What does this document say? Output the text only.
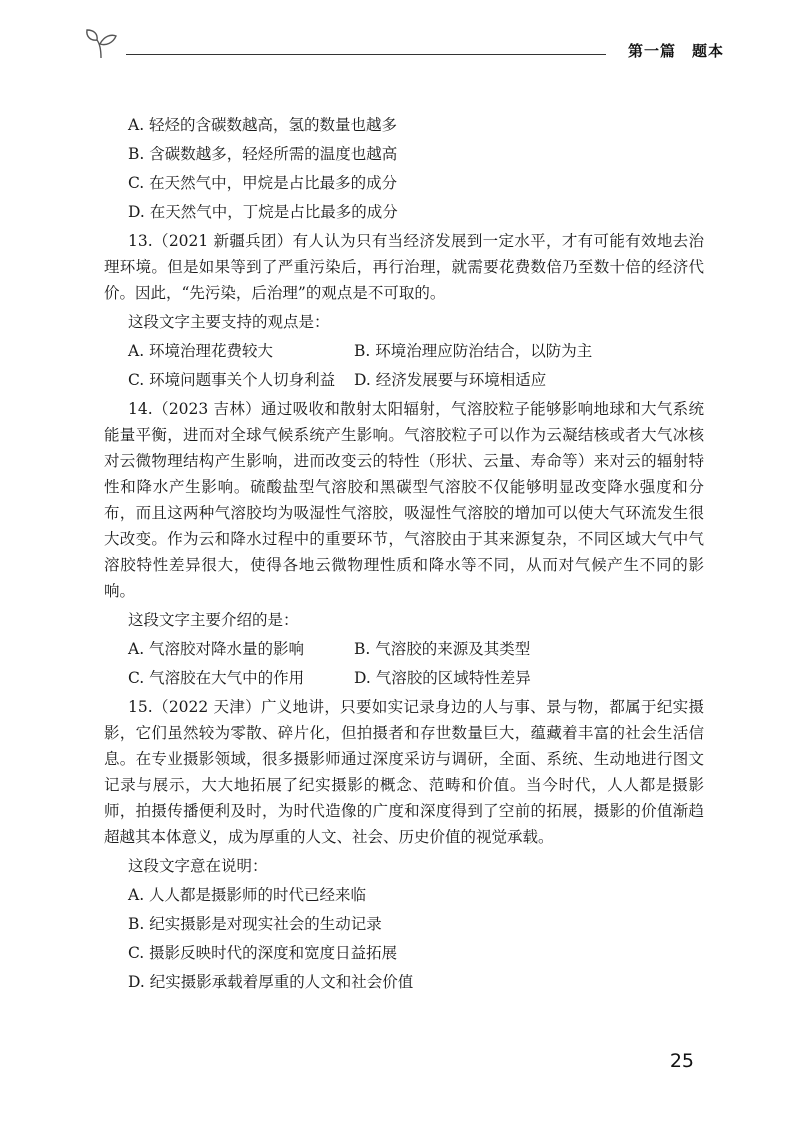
第一篇　题本
A. 轻烃的含碳数越高，氢的数量也越多
B. 含碳数越多，轻烃所需的温度也越高
C. 在天然气中，甲烷是占比最多的成分
D. 在天然气中，丁烷是占比最多的成分
13.（2021 新疆兵团）有人认为只有当经济发展到一定水平，才有可能有效地去治理环境。但是如果等到了严重污染后，再行治理，就需要花费数倍乃至数十倍的经济代价。因此，“先污染，后治理”的观点是不可取的。
这段文字主要支持的观点是：
A. 环境治理花费较大	B. 环境治理应防治结合，以防为主
C. 环境问题事关个人切身利益	D. 经济发展要与环境相适应
14.（2023 吉林）通过吸收和散射太阳辐射，气溶胶粒子能够影响地球和大气系统能量平衡，进而对全球气候系统产生影响。气溶胶粒子可以作为云凝结核或者大气冰核对云微物理结构产生影响，进而改变云的特性（形状、云量、寿命等）来对云的辐射特性和降水产生影响。硫酸盐型气溶胶和黑碳型气溶胶不仅能够明显改变降水强度和分布，而且这两种气溶胶均为吸湿性气溶胶，吸湿性气溶胶的增加可以使大气环流发生很大改变。作为云和降水过程中的重要环节，气溶胶由于其来源复杂，不同区域大气中气溶胶特性差异很大，使得各地云微物理性质和降水等不同，从而对气候产生不同的影响。
这段文字主要介绍的是：
A. 气溶胶对降水量的影响	B. 气溶胶的来源及其类型
C. 气溶胶在大气中的作用	D. 气溶胶的区域特性差异
15.（2022 天津）广义地讲，只要如实记录身边的人与事、景与物，都属于纪实摄影，它们虽然较为零散、碎片化，但拍摄者和存世数量巨大，蕴藏着丰富的社会生活信息。在专业摄影领域，很多摄影师通过深度采访与调研，全面、系统、生动地进行图文记录与展示，大大地拓展了纪实摄影的概念、范畴和价值。当今时代，人人都是摄影师，拍摄传播便利及时，为时代造像的广度和深度得到了空前的拓展，摄影的价值渐趋超越其本体意义，成为厚重的人文、社会、历史价值的视觉承载。
这段文字意在说明：
A. 人人都是摄影师的时代已经来临
B. 纪实摄影是对现实社会的生动记录
C. 摄影反映时代的深度和宽度日益拓展
D. 纪实摄影承载着厚重的人文和社会价值
25
